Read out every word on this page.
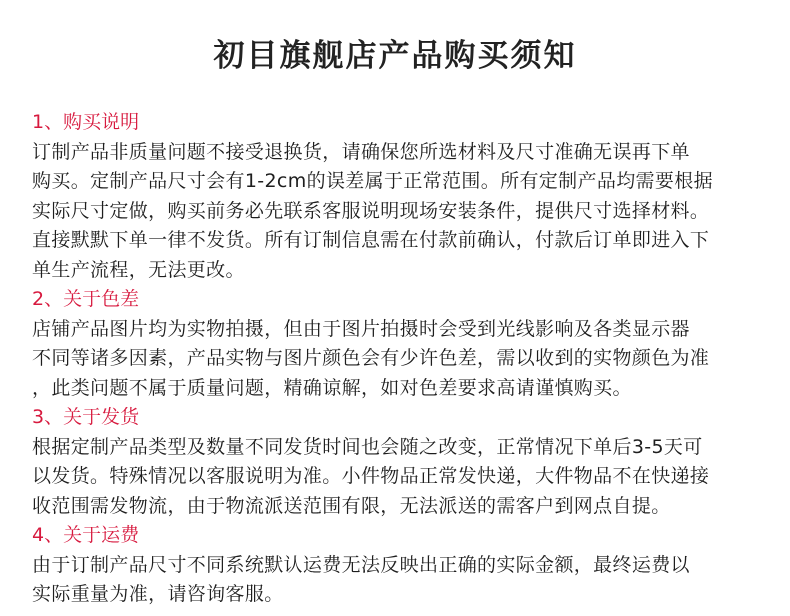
初目旗舰店产品购买须知
1、购买说明
订制产品非质量问题不接受退换货，请确保您所选材料及尺寸准确无误再下单
购买。定制产品尺寸会有1-2cm的误差属于正常范围。所有定制产品均需要根据
实际尺寸定做，购买前务必先联系客服说明现场安装条件，提供尺寸选择材料。
直接默默下单一律不发货。所有订制信息需在付款前确认，付款后订单即进入下
单生产流程，无法更改。
2、关于色差
店铺产品图片均为实物拍摄，但由于图片拍摄时会受到光线影响及各类显示器
不同等诸多因素，产品实物与图片颜色会有少许色差，需以收到的实物颜色为准
，此类问题不属于质量问题，精确谅解，如对色差要求高请谨慎购买。
3、关于发货
根据定制产品类型及数量不同发货时间也会随之改变，正常情况下单后3-5天可
以发货。特殊情况以客服说明为准。小件物品正常发快递，大件物品不在快递接
收范围需发物流，由于物流派送范围有限，无法派送的需客户到网点自提。
4、关于运费
由于订制产品尺寸不同系统默认运费无法反映出正确的实际金额，最终运费以
实际重量为准，请咨询客服。
